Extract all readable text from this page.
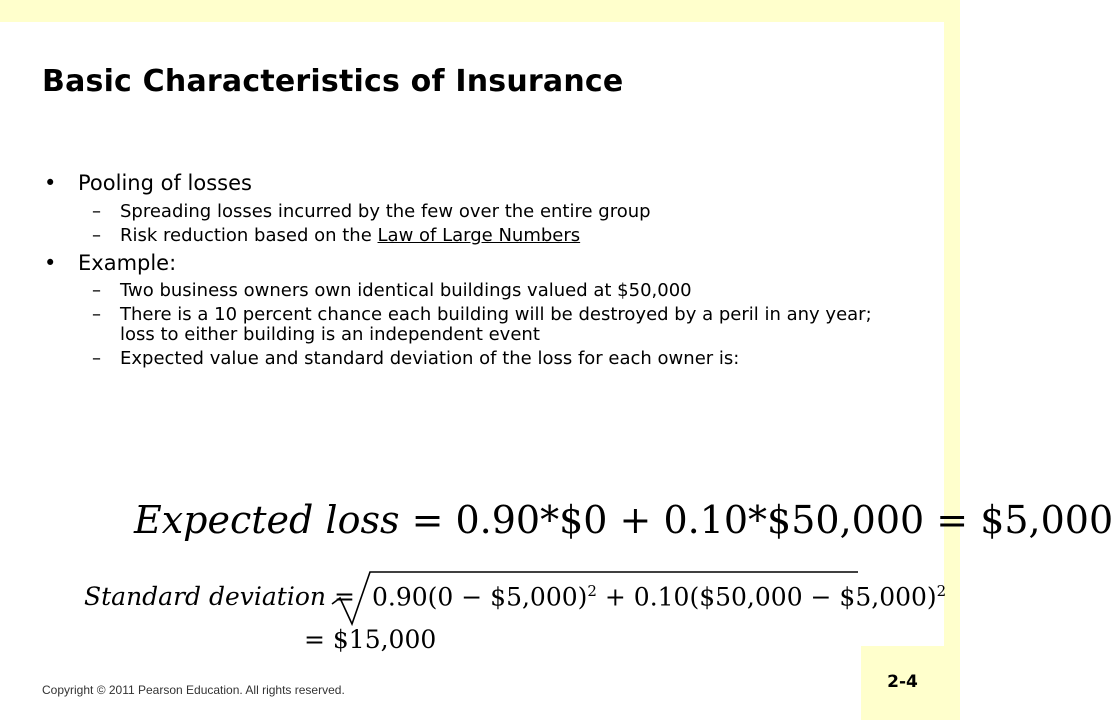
Basic Characteristics of Insurance
• Pooling of losses
– Spreading losses incurred by the few over the entire group
– Risk reduction based on the Law of Large Numbers
• Example:
– Two business owners own identical buildings valued at $50,000
– There is a 10 percent chance each building will be destroyed by a peril in any year; loss to either building is an independent event
– Expected value and standard deviation of the loss for each owner is:
Expected loss = 0.90*$0 + 0.10*$50,000 = $5,000
Standard deviation = 0.90(0 − $5,000)$^2$ + 0.10($50,000 − $5,000)$^2$
= $15,000
Copyright © 2011 Pearson Education. All rights reserved.	2-4
